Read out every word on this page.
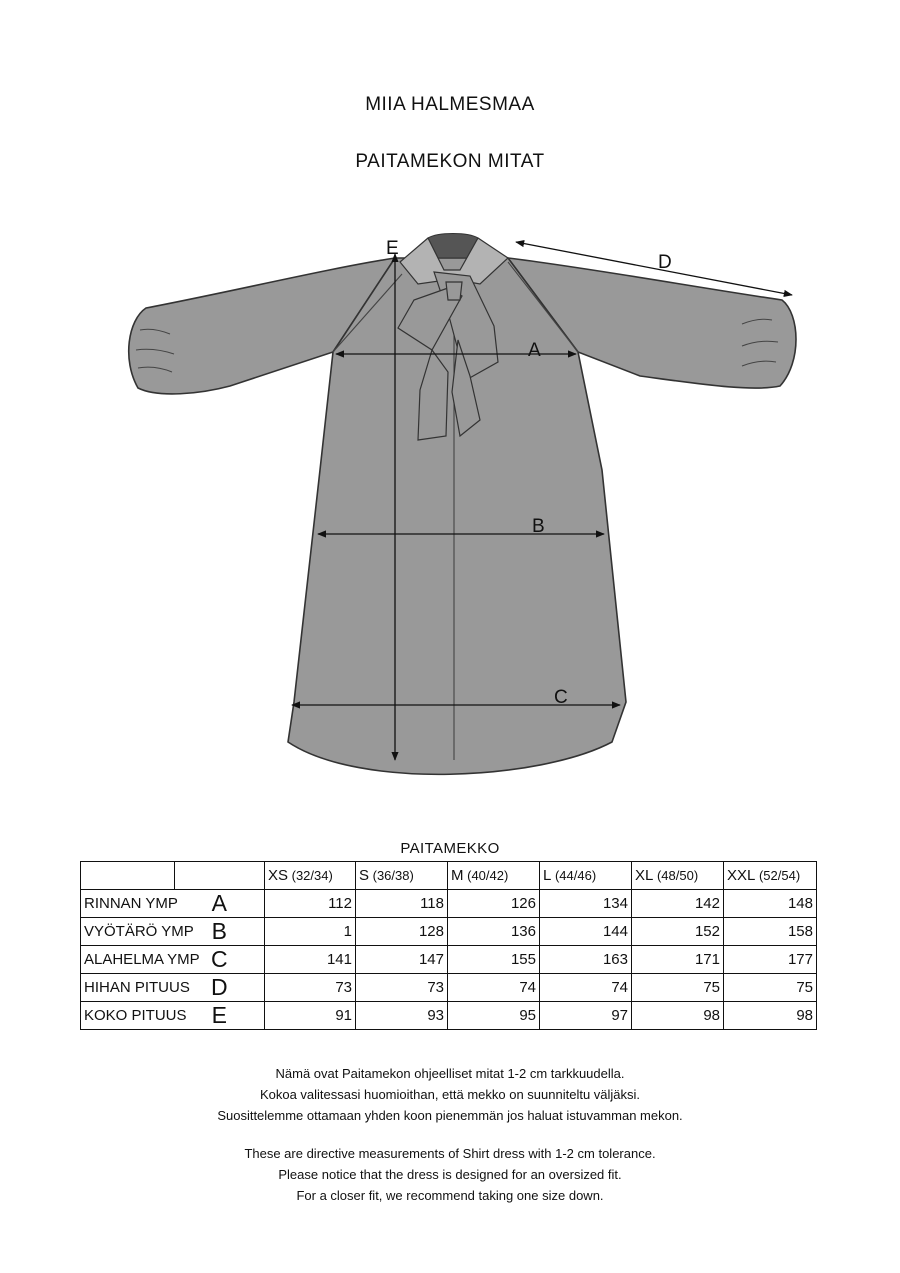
MIIA HALMESMAA
PAITAMEKON MITAT
A
B
C
D
E
PAITAMEKKO
		XS (32/34)	S (36/38)	M (40/42)	L (44/46)	XL (48/50)	XXL (52/54)
RINNAN YMP	A	112	118	126	134	142	148
VYÖTÄRÖ YMP	B	1	128	136	144	152	158
ALAHELMA YMP	C	141	147	155	163	171	177
HIHAN PITUUS	D	73	73	74	74	75	75
KOKO PITUUS	E	91	93	95	97	98	98
Nämä ovat Paitamekon ohjeelliset mitat 1-2 cm tarkkuudella.
Kokoa valitessasi huomioithan, että mekko on suunniteltu väljäksi.
Suosittelemme ottamaan yhden koon pienemmän jos haluat istuvamman mekon.
These are directive measurements of Shirt dress with 1-2 cm tolerance.
Please notice that the dress is designed for an oversized fit.
For a closer fit, we recommend taking one size down.
